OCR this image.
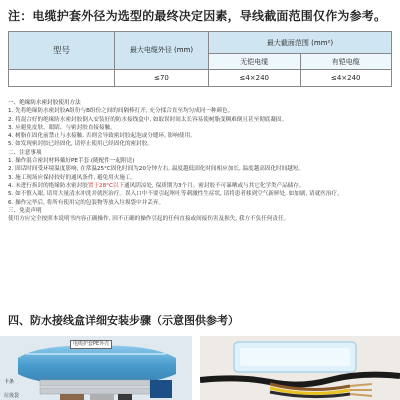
注：电缆护套外径为选型的最终决定因素，导线截面范围仅作为参考。
型号	最大电缆外径 (mm)	最大截面范围 (mm²)	
		无铠电缆	有铠电缆
	≤70	≤4×240	≤4×240
一、绝缘防水密封胶使用方法
1. 先将绝缘防水密封胶A组份与B组份之间的间隔棒打开, 充分揉合直至均匀成同一种颜色。
2. 将混合好的绝缘防水密封胶倒入安装好的防水接线盒中, 如取误时间太长容易使树脂变稠难倒且甚至彻底凝固。
3. 应避免皮肤、眼睛、与密封胶直接接触。
4. 树脂在固化前禁止与水接触, 否则会导致密封胶起泡或分缝环, 影响使用。
5. 如发现密封胶已经固化, 请停止使用已经固化的密封胶。
二、注意事项
1. 操作混合密封材料戴好PE手套 (随配件一起附送)
2. 固话时间受环境温度影响, 在常温25°C固化时间为20分钟左右, 温度越低固化时间相应加长, 温度越高固化时间越短。
3. 施工现场应保持较好的通风条件, 避免用火施工。
4. 未进行拆封的绝缘防水密封胶置于28°C以下通风阴凉处, 保质期为3个月。密封胶不可暴晒或与其它化学类产品储存。
5. 如不慎入眼, 请用大量清水冲洗并就医治疗。误入口中不要引起呕吐等刺激性生症状, 请将患者移到空气新鲜处, 如加剧, 请就医治疗。
6. 操作完毕后, 将所有使用完的包装物等放入垃圾袋中并丢弃。
三、免责声明
使用方应完全按照本说明书内容正确操作, 因不正确的操作引起的任何直接或间接伤害及损失, 我方不负任何责任。
四、防水接线盒详细安装步骤（示意图供参考）
电缆护套PE外壳
卡条
垃圾袋
